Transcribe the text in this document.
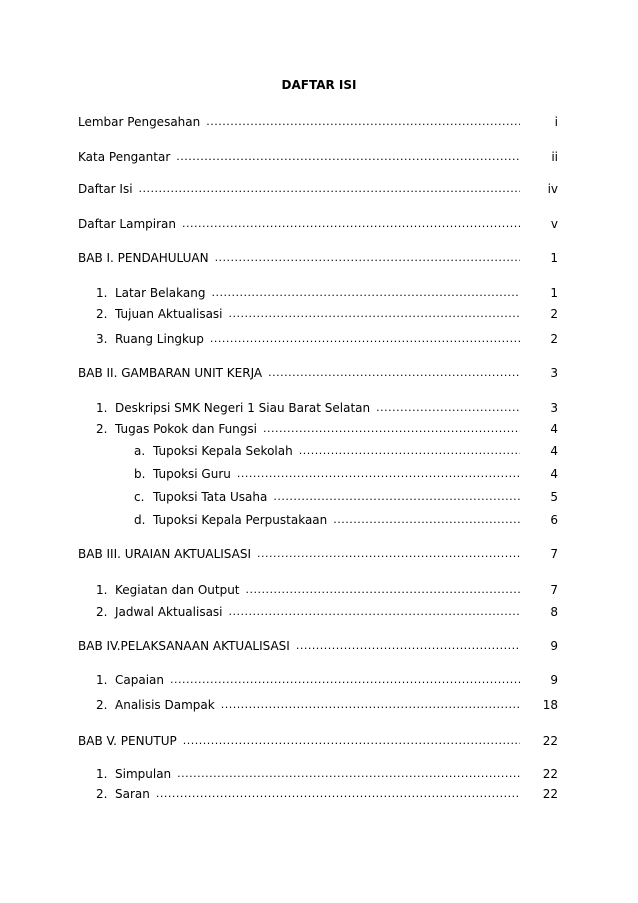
DAFTAR ISI
Lembar Pengesahan .....	i
Kata Pengantar .....	ii
Daftar Isi .....	iv
Daftar Lampiran .....	v
BAB I. PENDAHULUAN .....	1
1. Latar Belakang .....	1
2. Tujuan Aktualisasi .....	2
3. Ruang Lingkup .....	2
BAB II. GAMBARAN UNIT KERJA .....	3
1. Deskripsi SMK Negeri 1 Siau Barat Selatan .....	3
2. Tugas Pokok dan Fungsi .....	4
a. Tupoksi Kepala Sekolah .....	4
b. Tupoksi Guru .....	4
c. Tupoksi Tata Usaha .....	5
d. Tupoksi Kepala Perpustakaan .....	6
BAB III. URAIAN AKTUALISASI .....	7
1. Kegiatan dan Output .....	7
2. Jadwal Aktualisasi .....	8
BAB IV.PELAKSANAAN AKTUALISASI .....	9
1. Capaian .....	9
2. Analisis Dampak .....	18
BAB V. PENUTUP .....	22
1. Simpulan .....	22
2. Saran .....	22
